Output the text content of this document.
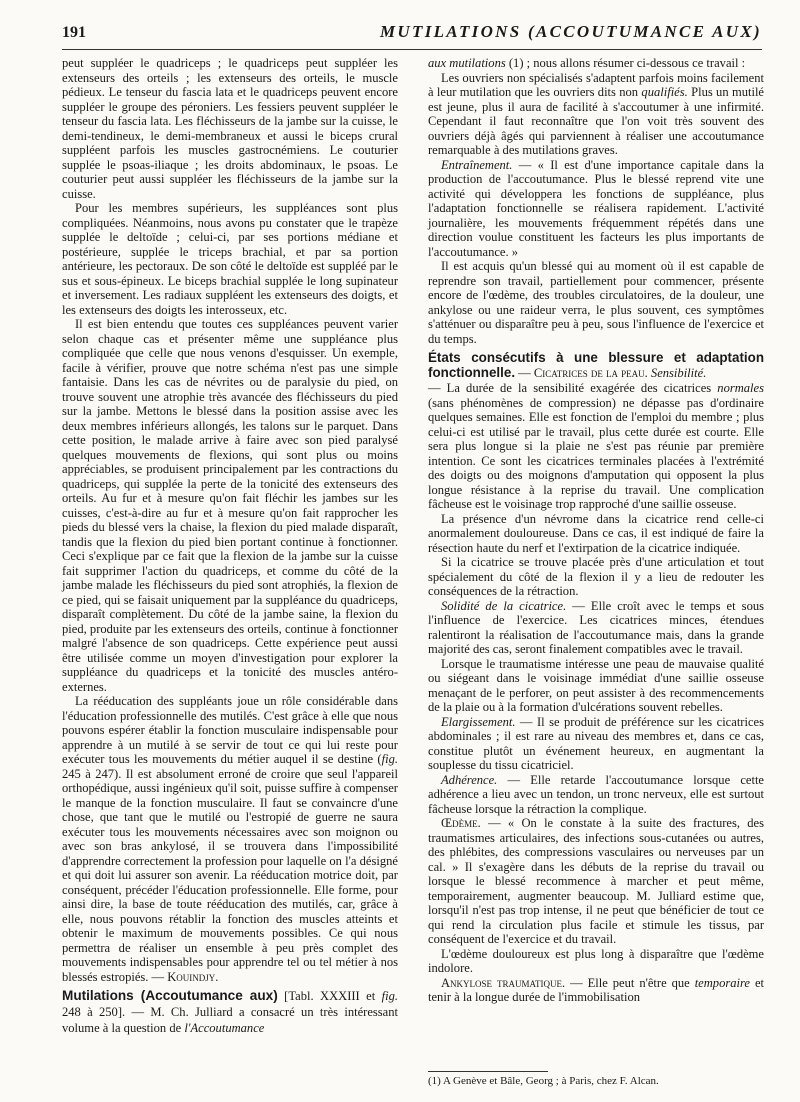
191	MUTILATIONS (ACCOUTUMANCE AUX)

peut suppléer le quadriceps ; le quadriceps peut suppléer les extenseurs des orteils ; les extenseurs des orteils, le muscle pédieux. Le tenseur du fascia lata et le quadriceps peuvent encore suppléer le groupe des péroniers. Les fessiers peuvent suppléer le tenseur du fascia lata. Les fléchisseurs de la jambe sur la cuisse, le demi-tendineux, le demi-membraneux et aussi le biceps crural suppléent parfois les muscles gastrocnémiens. Le couturier supplée le psoas-iliaque ; les droits abdominaux, le psoas. Le couturier peut aussi suppléer les fléchisseurs de la jambe sur la cuisse.

Pour les membres supérieurs, les suppléances sont plus compliquées. Néanmoins, nous avons pu constater que le trapèze supplée le deltoïde ; celui-ci, par ses portions médiane et postérieure, supplée le triceps brachial, et par sa portion antérieure, les pectoraux. De son côté le deltoïde est suppléé par le sus et sous-épineux. Le biceps brachial supplée le long supinateur et inversement. Les radiaux suppléent les extenseurs des doigts, et les extenseurs des doigts les interosseux, etc.

Il est bien entendu que toutes ces suppléances peuvent varier selon chaque cas et présenter même une suppléance plus compliquée que celle que nous venons d'esquisser. Un exemple, facile à vérifier, prouve que notre schéma n'est pas une simple fantaisie. Dans les cas de névrites ou de paralysie du pied, on trouve souvent une atrophie très avancée des fléchisseurs du pied sur la jambe. Mettons le blessé dans la position assise avec les deux membres inférieurs allongés, les talons sur le parquet. Dans cette position, le malade arrive à faire avec son pied paralysé quelques mouvements de flexions, qui sont plus ou moins appréciables, se produisent principalement par les contractions du quadriceps, qui supplée la perte de la tonicité des extenseurs des orteils. Au fur et à mesure qu'on fait fléchir les jambes sur les cuisses, c'est-à-dire au fur et à mesure qu'on fait rapprocher les pieds du blessé vers la chaise, la flexion du pied malade disparaît, tandis que la flexion du pied bien portant continue à fonctionner. Ceci s'explique par ce fait que la flexion de la jambe sur la cuisse fait supprimer l'action du quadriceps, et comme du côté de la jambe malade les fléchisseurs du pied sont atrophiés, la flexion de ce pied, qui se faisait uniquement par la suppléance du quadriceps, disparaît complètement. Du côté de la jambe saine, la flexion du pied, produite par les extenseurs des orteils, continue à fonctionner malgré l'absence de son quadriceps. Cette expérience peut aussi être utilisée comme un moyen d'investigation pour explorer la suppléance du quadriceps et la tonicité des muscles antéro-externes.

La rééducation des suppléants joue un rôle considérable dans l'éducation professionnelle des mutilés. C'est grâce à elle que nous pouvons espérer établir la fonction musculaire indispensable pour apprendre à un mutilé à se servir de tout ce qui lui reste pour exécuter tous les mouvements du métier auquel il se destine (fig. 245 à 247). Il est absolument erroné de croire que seul l'appareil orthopédique, aussi ingénieux qu'il soit, puisse suffire à compenser le manque de la fonction musculaire. Il faut se convaincre d'une chose, que tant que le mutilé ou l'estropié de guerre ne saura exécuter tous les mouvements nécessaires avec son moignon ou avec son bras ankylosé, il se trouvera dans l'impossibilité d'apprendre correctement la profession pour laquelle on l'a désigné et qui doit lui assurer son avenir. La rééducation motrice doit, par conséquent, précéder l'éducation professionnelle. Elle forme, pour ainsi dire, la base de toute rééducation des mutilés, car, grâce à elle, nous pouvons rétablir la fonction des muscles atteints et obtenir le maximum de mouvements possibles. Ce qui nous permettra de réaliser un ensemble à peu près complet des mouvements indispensables pour apprendre tel ou tel métier à nos blessés estropiés. — Kouindjy.

Mutilations (Accoutumance aux) [Tabl. XXXIII et fig. 248 à 250]. — M. Ch. Julliard a consacré un très intéressant volume à la question de l'Accoutumance

aux mutilations (1) ; nous allons résumer ci-dessous ce travail :

Les ouvriers non spécialisés s'adaptent parfois moins facilement à leur mutilation que les ouvriers dits non qualifiés. Plus un mutilé est jeune, plus il aura de facilité à s'accoutumer à une infirmité. Cependant il faut reconnaître que l'on voit très souvent des ouvriers déjà âgés qui parviennent à réaliser une accoutumance remarquable à des mutilations graves.

Entraînement. — « Il est d'une importance capitale dans la production de l'accoutumance. Plus le blessé reprend vite une activité qui développera les fonctions de suppléance, plus l'adaptation fonctionnelle se réalisera rapidement. L'activité journalière, les mouvements fréquemment répétés dans une direction voulue constituent les facteurs les plus importants de l'accoutumance. »

Il est acquis qu'un blessé qui au moment où il est capable de reprendre son travail, partiellement pour commencer, présente encore de l'œdème, des troubles circulatoires, de la douleur, une ankylose ou une raideur verra, le plus souvent, ces symptômes s'atténuer ou disparaître peu à peu, sous l'influence de l'exercice et du temps.

États consécutifs à une blessure et adaptation fonctionnelle. — Cicatrices de la peau. Sensibilité.

— La durée de la sensibilité exagérée des cicatrices normales (sans phénomènes de compression) ne dépasse pas d'ordinaire quelques semaines. Elle est fonction de l'emploi du membre ; plus celui-ci est utilisé par le travail, plus cette durée est courte. Elle sera plus longue si la plaie ne s'est pas réunie par première intention. Ce sont les cicatrices terminales placées à l'extrémité des doigts ou des moignons d'amputation qui opposent la plus longue résistance à la reprise du travail. Une complication fâcheuse est le voisinage trop rapproché d'une saillie osseuse.

La présence d'un névrome dans la cicatrice rend celle-ci anormalement douloureuse. Dans ce cas, il est indiqué de faire la résection haute du nerf et l'extirpation de la cicatrice indiquée.

Si la cicatrice se trouve placée près d'une articulation et tout spécialement du côté de la flexion il y a lieu de redouter les conséquences de la rétraction.

Solidité de la cicatrice. — Elle croît avec le temps et sous l'influence de l'exercice. Les cicatrices minces, étendues ralentiront la réalisation de l'accoutumance mais, dans la grande majorité des cas, seront finalement compatibles avec le travail.

Lorsque le traumatisme intéresse une peau de mauvaise qualité ou siégeant dans le voisinage immédiat d'une saillie osseuse menaçant de le perforer, on peut assister à des recommencements de la plaie ou à la formation d'ulcérations souvent rebelles.

Elargissement. — Il se produit de préférence sur les cicatrices abdominales ; il est rare au niveau des membres et, dans ce cas, constitue plutôt un événement heureux, en augmentant la souplesse du tissu cicatriciel.

Adhérence. — Elle retarde l'accoutumance lorsque cette adhérence a lieu avec un tendon, un tronc nerveux, elle est surtout fâcheuse lorsque la rétraction la complique.

Œdème. — « On le constate à la suite des fractures, des traumatismes articulaires, des infections sous-cutanées ou autres, des phlébites, des compressions vasculaires ou nerveuses par un cal. » Il s'exagère dans les débuts de la reprise du travail ou lorsque le blessé recommence à marcher et peut même, temporairement, augmenter beaucoup. M. Julliard estime que, lorsqu'il n'est pas trop intense, il ne peut que bénéficier de tout ce qui rend la circulation plus facile et stimule les tissus, par conséquent de l'exercice et du travail.

L'œdème douloureux est plus long à disparaître que l'œdème indolore.

Ankylose traumatique. — Elle peut n'être que temporaire et tenir à la longue durée de l'immobilisation

(1) A Genève et Bâle, Georg ; à Paris, chez F. Alcan.
